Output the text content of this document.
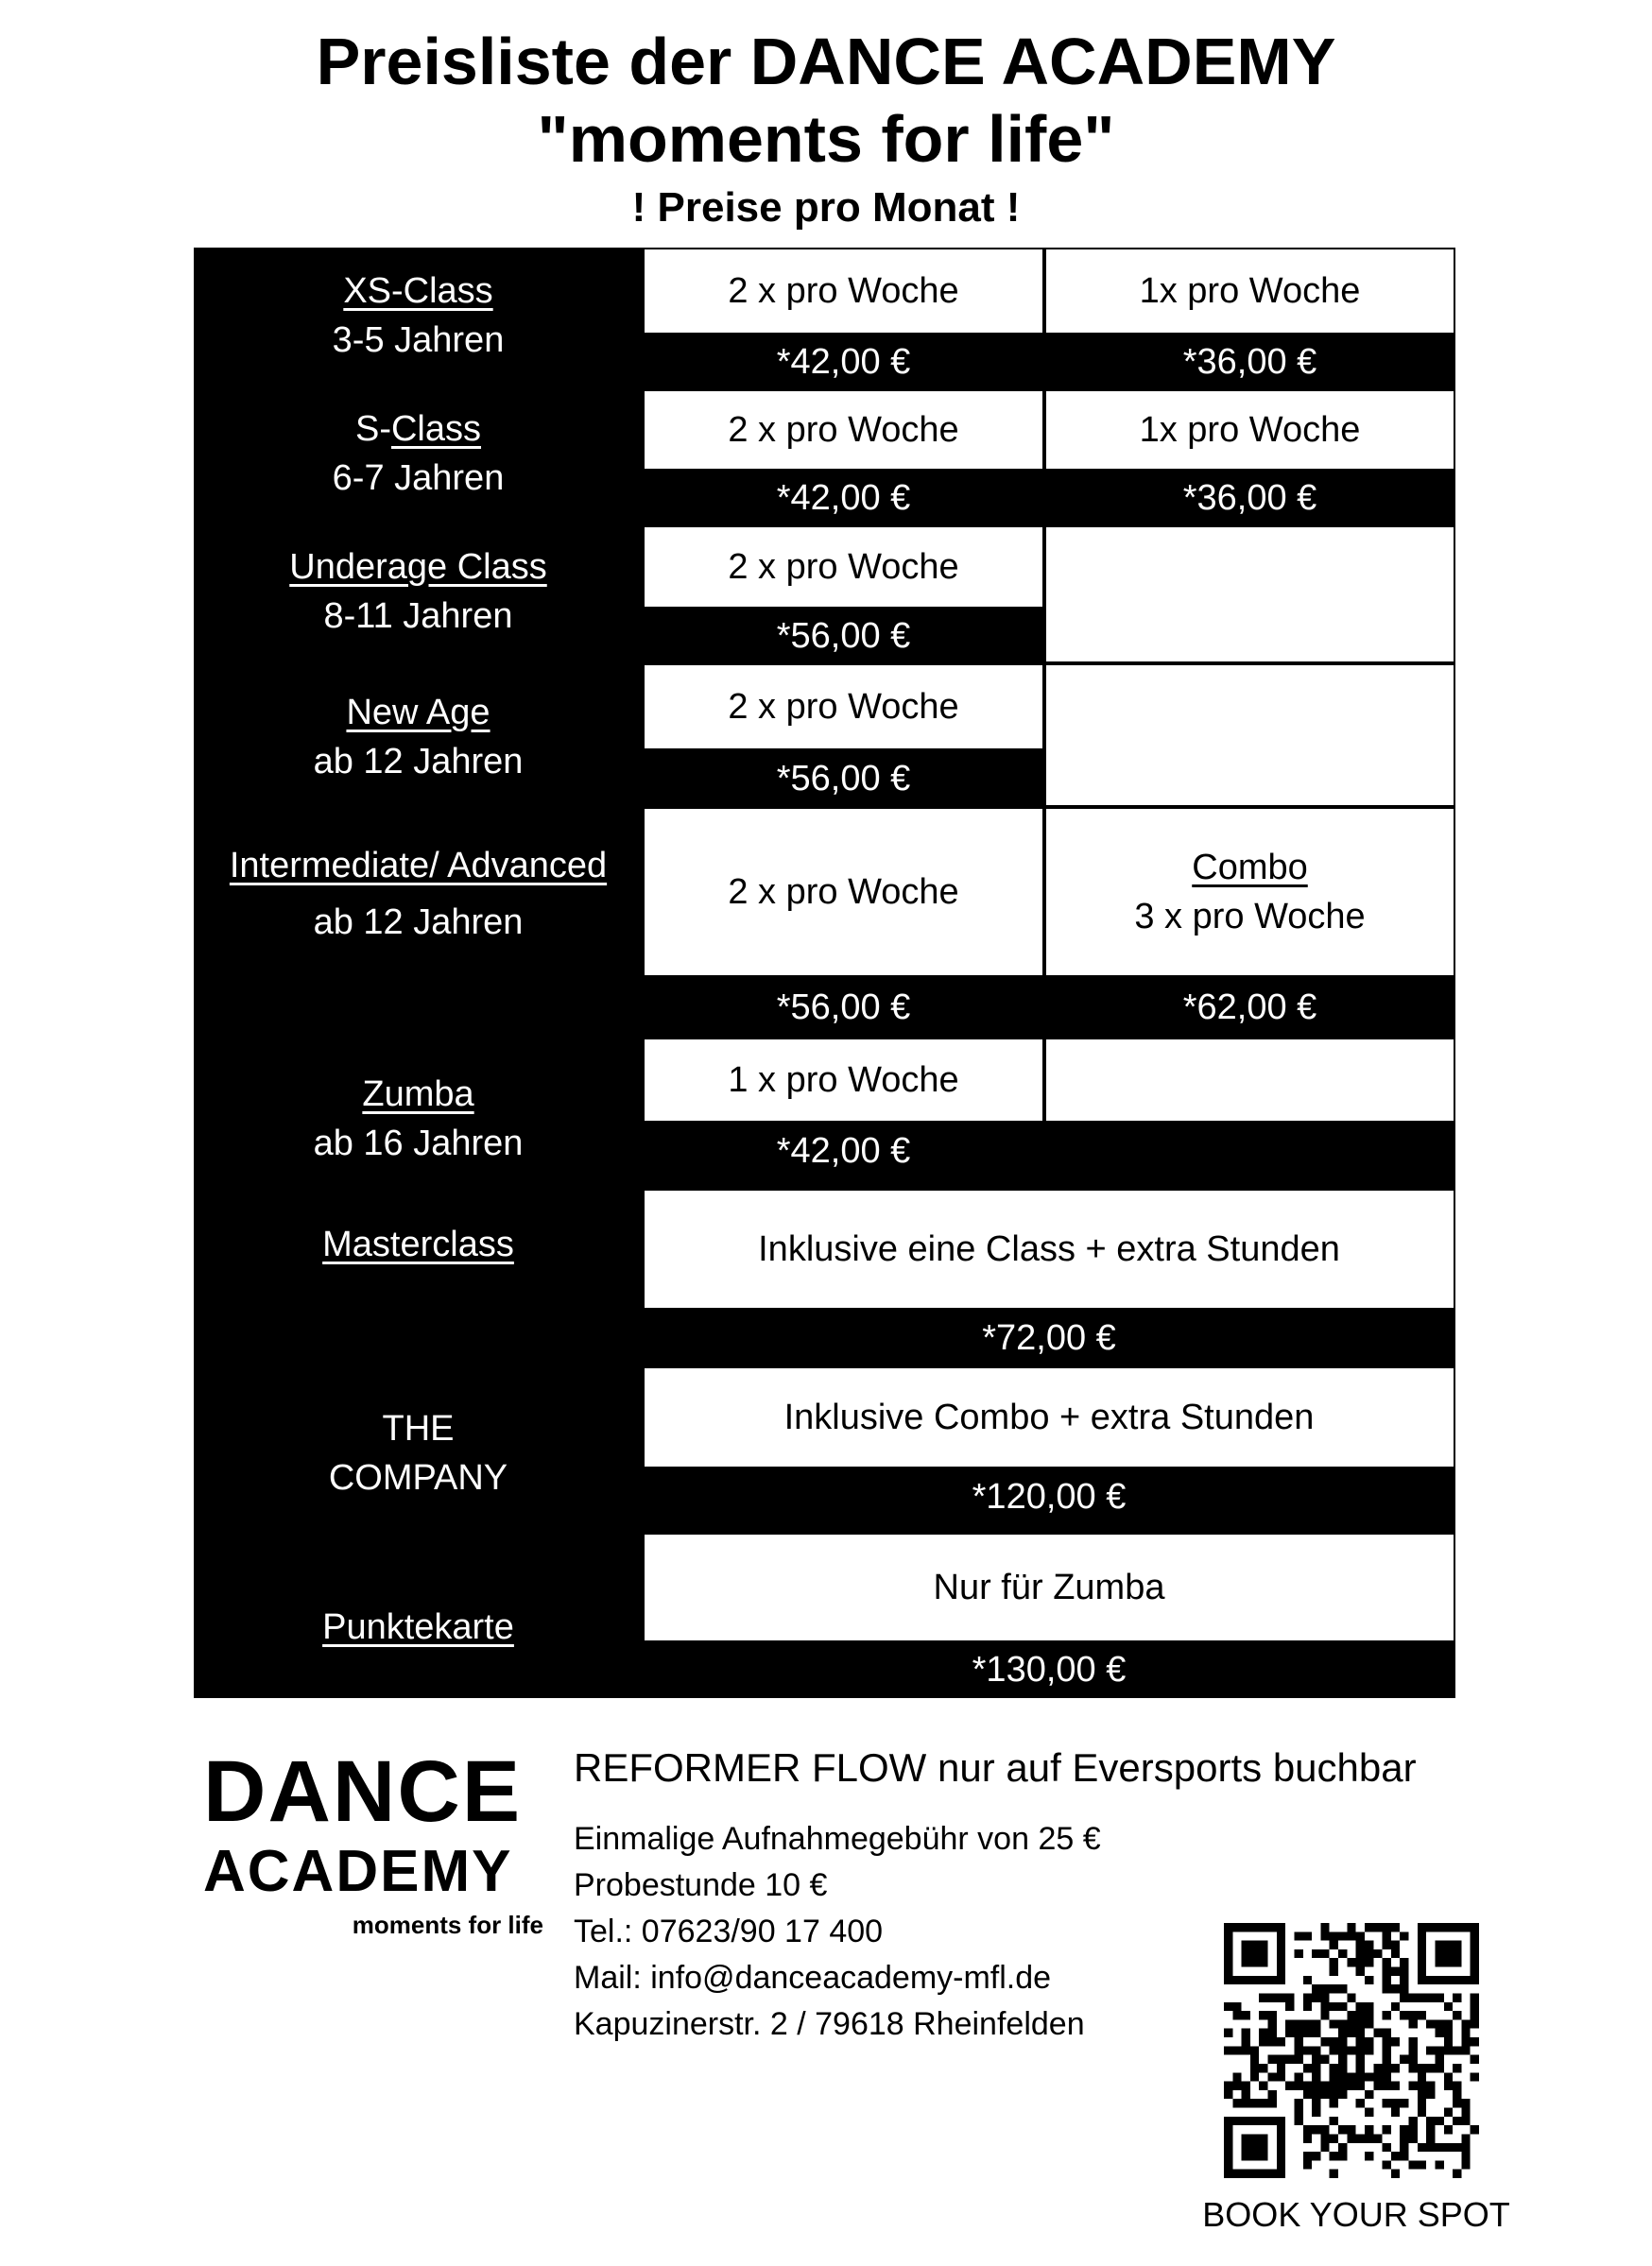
Preisliste der DANCE ACADEMY
"moments for life"
! Preise pro Monat !
XS-Class
3-5 Jahren
2 x pro Woche
*42,00 €
1x pro Woche
*36,00 €
S-Class
6-7 Jahren
2 x pro Woche
*42,00 €
1x pro Woche
*36,00 €
Underage Class
8-11 Jahren
2 x pro Woche
*56,00 €
New Age
ab 12 Jahren
2 x pro Woche
*56,00 €
Intermediate/ Advanced
ab 12 Jahren
2 x pro Woche
Combo
3 x pro Woche
*56,00 €	*62,00 €
Zumba
ab 16 Jahren
1 x pro Woche
*42,00 €
Masterclass	Inklusive eine Class + extra Stunden
*72,00 €
THE
COMPANY
Inklusive Combo + extra Stunden
*120,00 €
Punktekarte
Nur für Zumba
*130,00 €
DANCE
ACADEMY
moments for life
REFORMER FLOW nur auf Eversports buchbar
Einmalige Aufnahmegebühr von 25 €
Probestunde 10 €
Tel.: 07623/90 17 400
Mail: info@danceacademy-mfl.de
Kapuzinerstr. 2 / 79618 Rheinfelden
BOOK YOUR SPOT
